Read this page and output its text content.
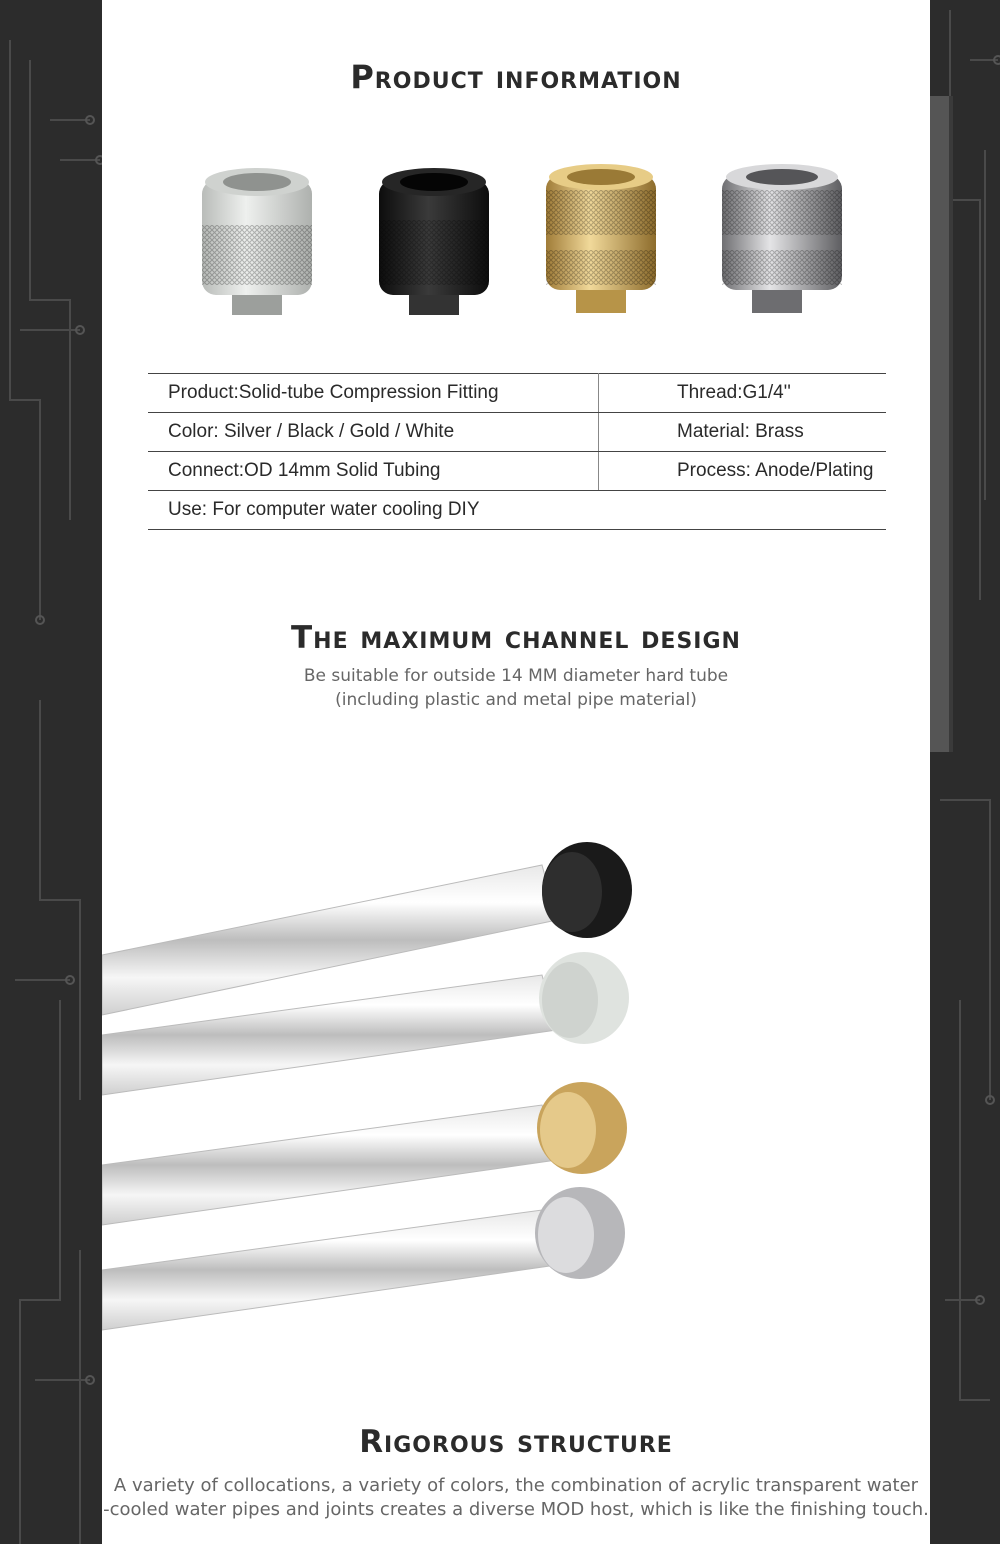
Product information
Product:Solid-tube Compression Fitting	Thread:G1/4''
Color: Silver / Black / Gold / White	Material: Brass
Connect:OD 14mm Solid Tubing	Process: Anode/Plating
Use: For computer water cooling DIY	
The maximum channel design
Be suitable for outside 14 MM diameter hard tube
(including plastic and metal pipe material)
Rigorous structure
A variety of collocations, a variety of colors, the combination of acrylic transparent water
-cooled water pipes and joints creates a diverse MOD host, which is like the finishing touch.
